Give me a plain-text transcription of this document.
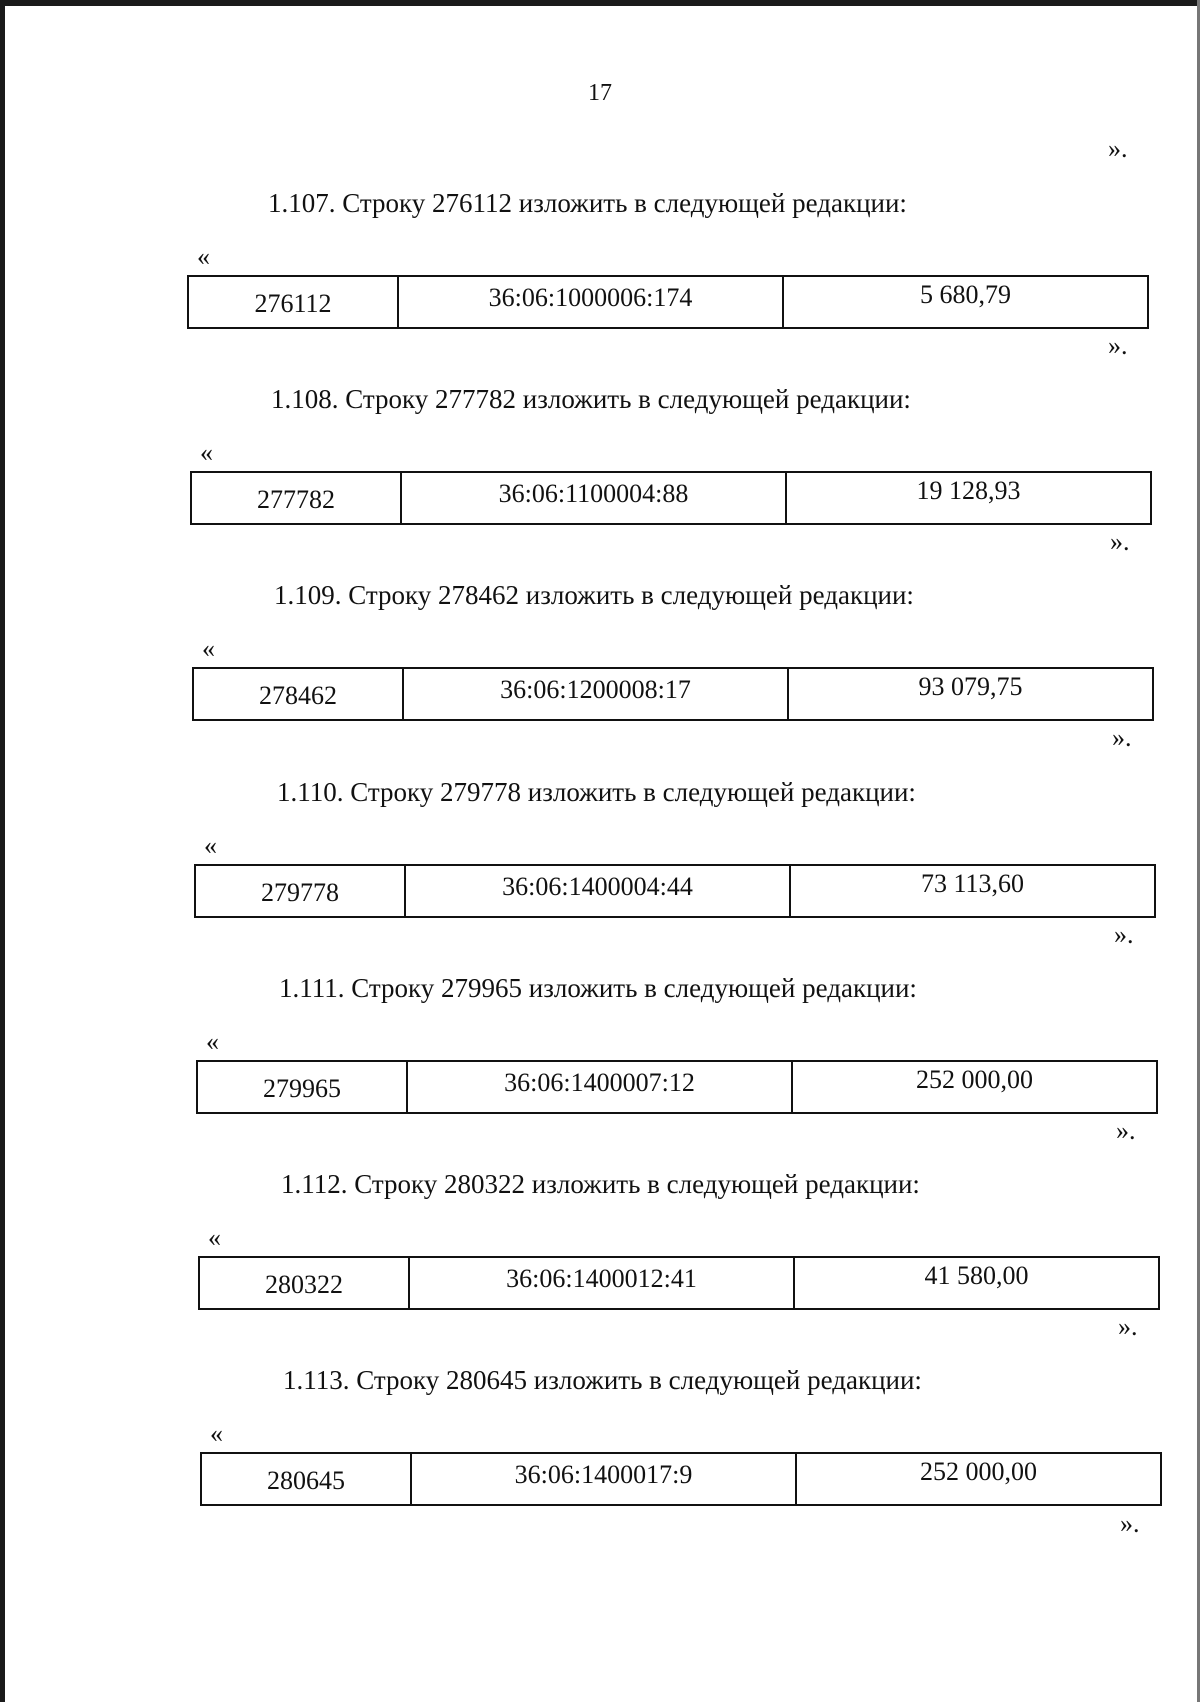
17
».
1.107. Строку 276112 изложить в следующей редакции:
«
276112	36:06:1000006:174	5 680,79
».
1.108. Строку 277782 изложить в следующей редакции:
«
277782	36:06:1100004:88	19 128,93
».
1.109. Строку 278462 изложить в следующей редакции:
«
278462	36:06:1200008:17	93 079,75
».
1.110. Строку 279778 изложить в следующей редакции:
«
279778	36:06:1400004:44	73 113,60
».
1.111. Строку 279965 изложить в следующей редакции:
«
279965	36:06:1400007:12	252 000,00
».
1.112. Строку 280322 изложить в следующей редакции:
«
280322	36:06:1400012:41	41 580,00
».
1.113. Строку 280645 изложить в следующей редакции:
«
280645	36:06:1400017:9	252 000,00
».
